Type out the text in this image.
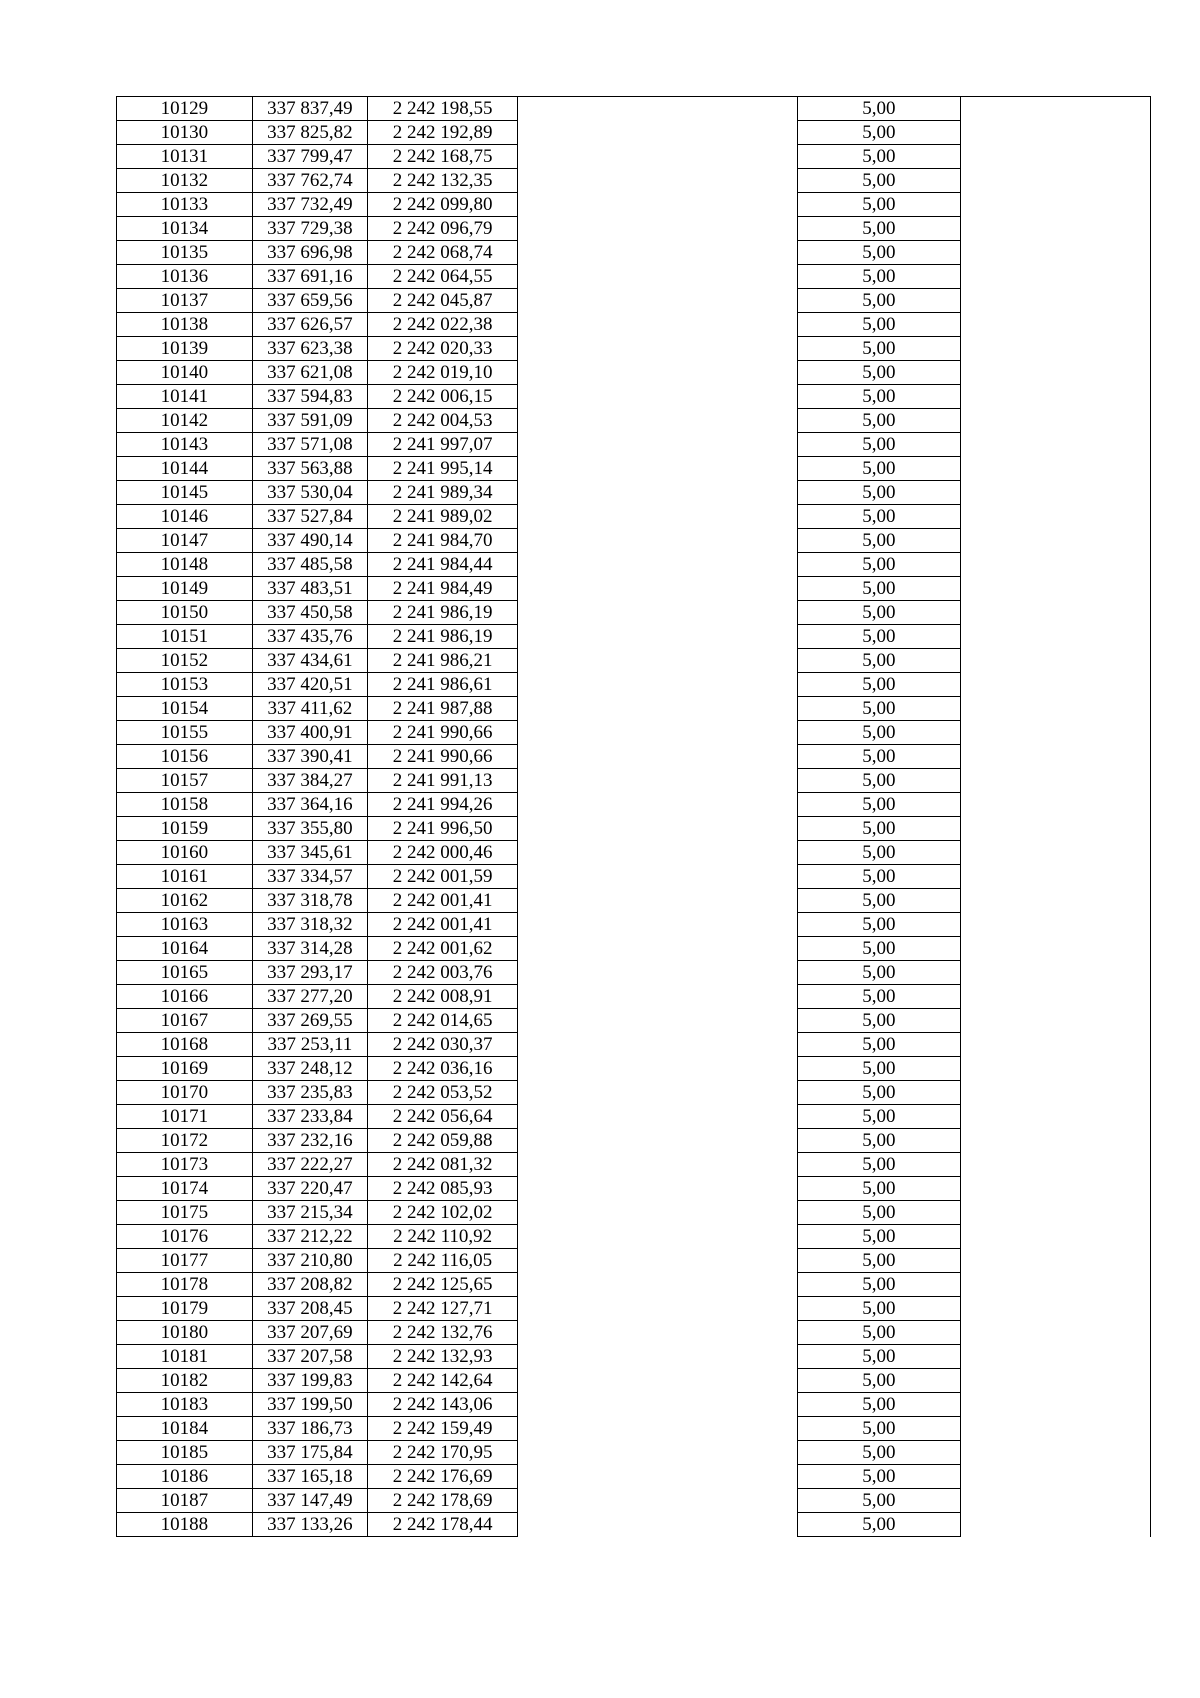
10129	337 837,49	2 242 198,55		5,00	
10130	337 825,82	2 242 192,89		5,00	
10131	337 799,47	2 242 168,75		5,00	
10132	337 762,74	2 242 132,35		5,00	
10133	337 732,49	2 242 099,80		5,00	
10134	337 729,38	2 242 096,79		5,00	
10135	337 696,98	2 242 068,74		5,00	
10136	337 691,16	2 242 064,55		5,00	
10137	337 659,56	2 242 045,87		5,00	
10138	337 626,57	2 242 022,38		5,00	
10139	337 623,38	2 242 020,33		5,00	
10140	337 621,08	2 242 019,10		5,00	
10141	337 594,83	2 242 006,15		5,00	
10142	337 591,09	2 242 004,53		5,00	
10143	337 571,08	2 241 997,07		5,00	
10144	337 563,88	2 241 995,14		5,00	
10145	337 530,04	2 241 989,34		5,00	
10146	337 527,84	2 241 989,02		5,00	
10147	337 490,14	2 241 984,70		5,00	
10148	337 485,58	2 241 984,44		5,00	
10149	337 483,51	2 241 984,49		5,00	
10150	337 450,58	2 241 986,19		5,00	
10151	337 435,76	2 241 986,19		5,00	
10152	337 434,61	2 241 986,21		5,00	
10153	337 420,51	2 241 986,61		5,00	
10154	337 411,62	2 241 987,88		5,00	
10155	337 400,91	2 241 990,66		5,00	
10156	337 390,41	2 241 990,66		5,00	
10157	337 384,27	2 241 991,13		5,00	
10158	337 364,16	2 241 994,26		5,00	
10159	337 355,80	2 241 996,50		5,00	
10160	337 345,61	2 242 000,46		5,00	
10161	337 334,57	2 242 001,59		5,00	
10162	337 318,78	2 242 001,41		5,00	
10163	337 318,32	2 242 001,41		5,00	
10164	337 314,28	2 242 001,62		5,00	
10165	337 293,17	2 242 003,76		5,00	
10166	337 277,20	2 242 008,91		5,00	
10167	337 269,55	2 242 014,65		5,00	
10168	337 253,11	2 242 030,37		5,00	
10169	337 248,12	2 242 036,16		5,00	
10170	337 235,83	2 242 053,52		5,00	
10171	337 233,84	2 242 056,64		5,00	
10172	337 232,16	2 242 059,88		5,00	
10173	337 222,27	2 242 081,32		5,00	
10174	337 220,47	2 242 085,93		5,00	
10175	337 215,34	2 242 102,02		5,00	
10176	337 212,22	2 242 110,92		5,00	
10177	337 210,80	2 242 116,05		5,00	
10178	337 208,82	2 242 125,65		5,00	
10179	337 208,45	2 242 127,71		5,00	
10180	337 207,69	2 242 132,76		5,00	
10181	337 207,58	2 242 132,93		5,00	
10182	337 199,83	2 242 142,64		5,00	
10183	337 199,50	2 242 143,06		5,00	
10184	337 186,73	2 242 159,49		5,00	
10185	337 175,84	2 242 170,95		5,00	
10186	337 165,18	2 242 176,69		5,00	
10187	337 147,49	2 242 178,69		5,00	
10188	337 133,26	2 242 178,44		5,00	
